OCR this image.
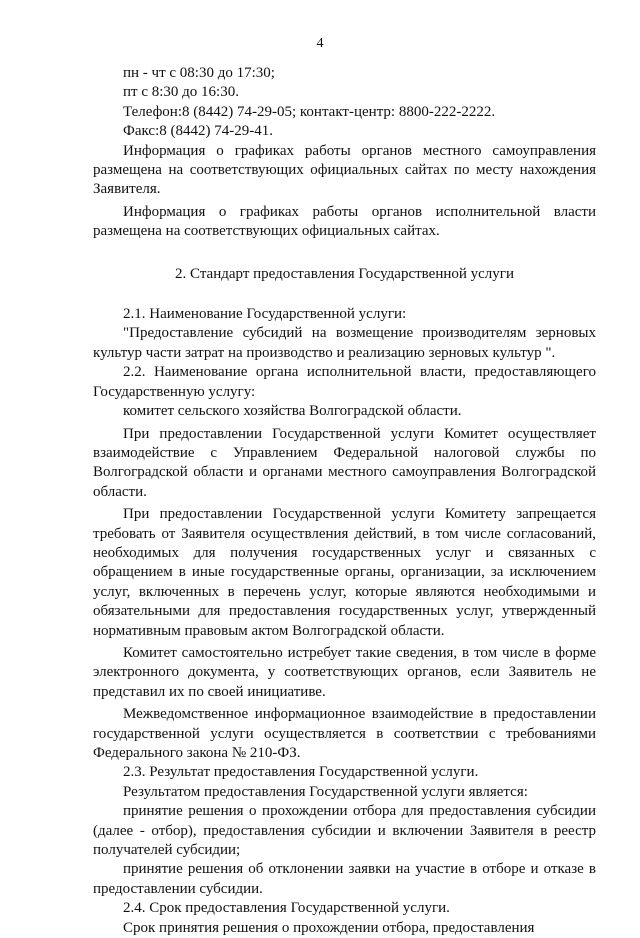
4

пн - чт с 08:30 до 17:30;

пт с 8:30 до 16:30.

Телефон:8 (8442) 74-29-05; контакт-центр: 8800-222-2222.

Факс:8 (8442) 74-29-41.

Информация о графиках работы органов местного самоуправления размещена на соответствующих официальных сайтах по месту нахождения Заявителя.

Информация о графиках работы органов исполнительной власти размещена на соответствующих официальных сайтах.

2. Стандарт предоставления Государственной услуги

2.1. Наименование Государственной услуги:

"Предоставление субсидий на возмещение производителям зерновых культур части затрат на производство и реализацию зерновых культур ".

2.2. Наименование органа исполнительной власти, предоставляющего Государственную услугу:

комитет сельского хозяйства Волгоградской области.

При предоставлении Государственной услуги Комитет осуществляет взаимодействие с Управлением Федеральной налоговой службы по Волгоградской области и органами местного самоуправления Волгоградской области.

При предоставлении Государственной услуги Комитету запрещается требовать от Заявителя осуществления действий, в том числе согласований, необходимых для получения государственных услуг и связанных с обращением в иные государственные органы, организации, за исключением услуг, включенных в перечень услуг, которые являются необходимыми и обязательными для предоставления государственных услуг, утвержденный нормативным правовым актом Волгоградской области.

Комитет самостоятельно истребует такие сведения, в том числе в форме электронного документа, у соответствующих органов, если Заявитель не представил их по своей инициативе.

Межведомственное информационное взаимодействие в предоставлении государственной услуги осуществляется в соответствии с требованиями Федерального закона № 210-ФЗ.

2.3. Результат предоставления Государственной услуги.

Результатом предоставления Государственной услуги является:

принятие решения о прохождении отбора для предоставления субсидии (далее - отбор), предоставления субсидии и включении Заявителя в реестр получателей субсидии;

принятие решения об отклонении заявки на участие в отборе и отказе в предоставлении субсидии.

2.4. Срок предоставления Государственной услуги.

Срок принятия решения о прохождении отбора, предоставления
